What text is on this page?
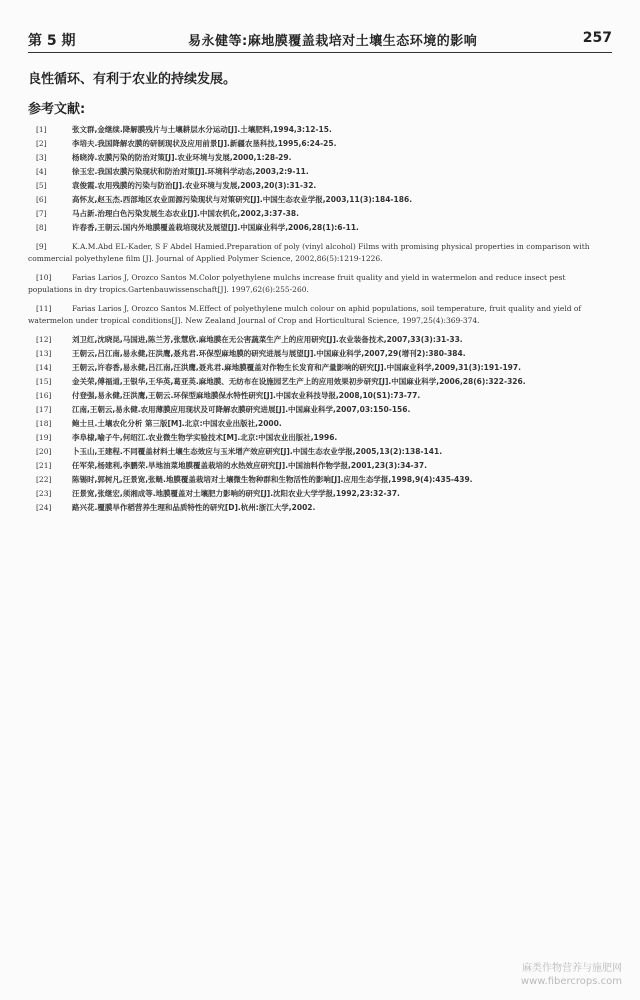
第 5 期	易永健等:麻地膜覆盖栽培对土壤生态环境的影响	257
良性循环、有利于农业的持续发展。
参考文献:
[1]	张文群,金继续.降解膜残片与土壤耕层水分运动[J].土壤肥料,1994,3:12-15.
[2]	李培夫.我国降解农膜的研制现状及应用前景[J].新疆农垦科技,1995,6:24-25.
[3]	杨晓涛.农膜污染的防治对策[J].农业环境与发展,2000,1:28-29.
[4]	徐玉宏.我国农膜污染现状和防治对策[J].环境科学动态,2003,2:9-11.
[5]	袁俊霞.农用残膜的污染与防治[J].农业环境与发展,2003,20(3):31-32.
[6]	高怀友,赵玉杰.西部地区农业面源污染现状与对策研究[J].中国生态农业学报,2003,11(3):184-186.
[7]	马占新.治理白色污染发展生态农业[J].中国农机化,2002,3:37-38.
[8]	许春香,王朝云.国内外地膜覆盖栽培现状及展望[J].中国麻业科学,2006,28(1):6-11.
[9]	K.A.M.Abd EL-Kader, S F Abdel Hamied.Preparation of poly (vinyl alcohol) Films with promising physical properties in comparison with commercial polyethylene film [J]. Journal of Applied Polymer Science, 2002,86(5):1219-1226.
[10]	Farias Larios J, Orozco Santos M.Color polyethylene mulchs increase fruit quality and yield in watermelon and reduce insect pest populations in dry tropics.Gartenbauwissenschaft[J]. 1997,62(6):255-260.
[11]	Farias Larios J, Orozco Santos M.Effect of polyethylene mulch colour on aphid populations, soil temperature, fruit quality and yield of watermelon under tropical conditions[J]. New Zealand Journal of Crop and Horticultural Science, 1997,25(4):369-374.
[12]	刘卫红,沈晓昆,马国进,陈兰芳,张慧欣.麻地膜在无公害蔬菜生产上的应用研究[J].农业装备技术,2007,33(3):31-33.
[13]	王朝云,吕江南,易永健,汪洪鹰,聂兆君.环保型麻地膜的研究进展与展望[J].中国麻业科学,2007,29(增刊2):380-384.
[14]	王朝云,许春香,易永健,吕江南,汪洪鹰,聂兆君.麻地膜覆盖对作物生长发育和产量影响的研究[J].中国麻业科学,2009,31(3):191-197.
[15]	金关荣,傅福道,王银华,王华英,葛亚英.麻地膜、无纺布在设施园艺生产上的应用效果初步研究[J].中国麻业科学,2006,28(6):322-326.
[16]	付登强,易永健,汪洪鹰,王朝云.环保型麻地膜保水特性研究[J].中国农业科技导报,2008,10(S1):73-77.
[17]	江南,王朝云,易永健.农用薄膜应用现状及可降解农膜研究进展[J].中国麻业科学,2007,03:150-156.
[18]	鲍士旦.土壤农化分析 第三版[M].北京:中国农业出版社,2000.
[19]	李阜棣,喻子牛,何绍江.农业微生物学实验技术[M].北京:中国农业出版社,1996.
[20]	卜玉山,王建程.不同覆盖材料土壤生态效应与玉米增产效应研究[J].中国生态农业学报,2005,13(2):138-141.
[21]	任军荣,杨建利,李鹏荣.旱地油菜地膜覆盖栽培的水热效应研究[J].中国油料作物学报,2001,23(3):34-37.
[22]	陈锡时,郭树凡,汪景宽,张鲢.地膜覆盖栽培对土壤微生物种群和生物活性的影响[J].应用生态学报,1998,9(4):435-439.
[23]	汪景宽,张继宏,须湘成等.地膜覆盖对土壤肥力影响的研究[J].沈阳农业大学学报,1992,23:32-37.
[24]	路兴花.覆膜旱作稻营养生理和品质特性的研究[D].杭州:浙江大学,2002.
麻类作物营养与施肥网
www.fibercrops.com
